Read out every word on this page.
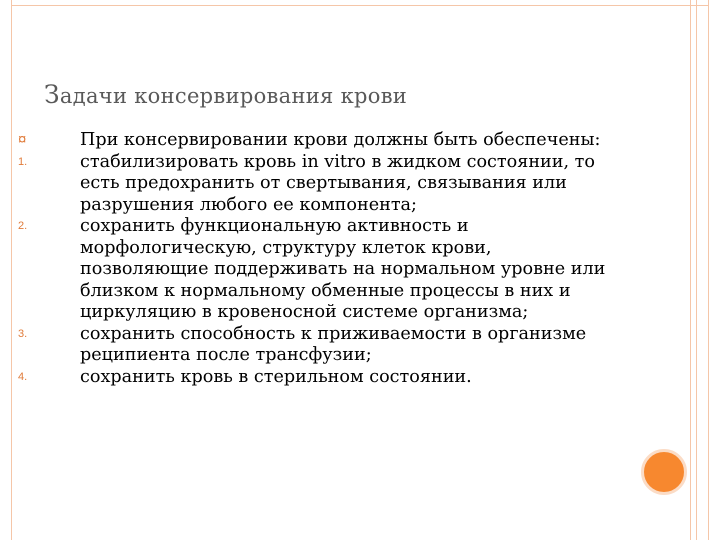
Задачи консервирования крови
¤	При консервировании крови должны быть обеспечены:
1.	стабилизировать кровь in vitro в жидком состоянии, то есть предохранить от свертывания, связывания или разрушения любого ее компонента;
2.	сохранить функциональную активность и морфологическую, структуру клеток крови, позволяющие поддерживать на нормальном уровне или близком к нормальному обменные процессы в них и циркуляцию в кровеносной системе организма;
3.	сохранить способность к приживаемости в организме реципиента после трансфузии;
4.	сохранить кровь в стерильном состоянии.
